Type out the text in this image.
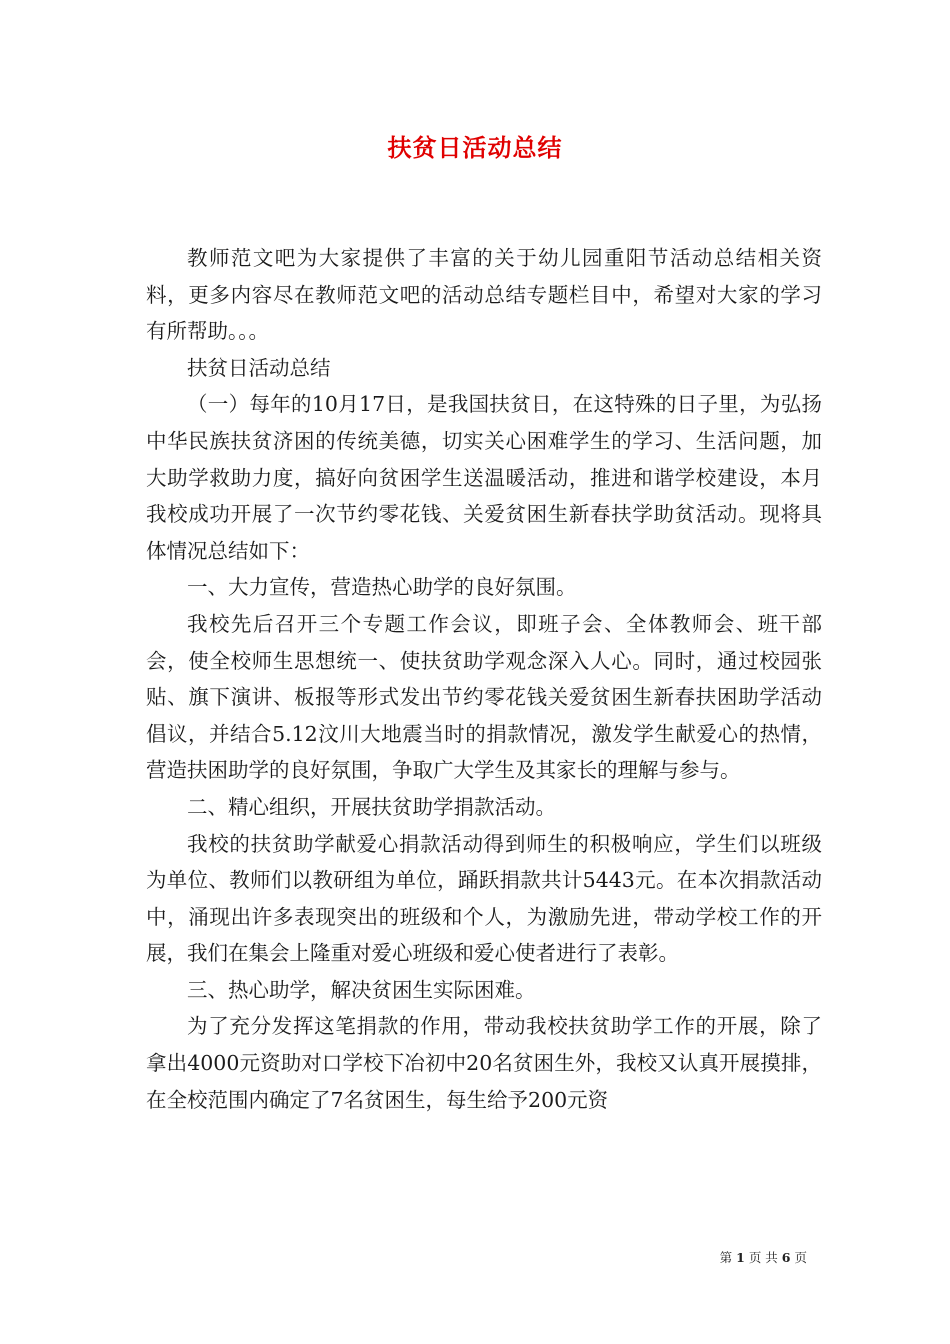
扶贫日活动总结

教师范文吧为大家提供了丰富的关于幼儿园重阳节活动总结相关资料，更多内容尽在教师范文吧的活动总结专题栏目中，希望对大家的学习有所帮助。。。

扶贫日活动总结

（一）每年的10月17日，是我国扶贫日，在这特殊的日子里，为弘扬中华民族扶贫济困的传统美德，切实关心困难学生的学习、生活问题，加大助学救助力度，搞好向贫困学生送温暖活动，推进和谐学校建设，本月我校成功开展了一次节约零花钱、关爱贫困生新春扶学助贫活动。现将具体情况总结如下：

一、大力宣传，营造热心助学的良好氛围。

我校先后召开三个专题工作会议，即班子会、全体教师会、班干部会，使全校师生思想统一、使扶贫助学观念深入人心。同时，通过校园张贴、旗下演讲、板报等形式发出节约零花钱关爱贫困生新春扶困助学活动倡议，并结合5.12汶川大地震当时的捐款情况，激发学生献爱心的热情，营造扶困助学的良好氛围，争取广大学生及其家长的理解与参与。

二、精心组织，开展扶贫助学捐款活动。

我校的扶贫助学献爱心捐款活动得到师生的积极响应，学生们以班级为单位、教师们以教研组为单位，踊跃捐款共计5443元。在本次捐款活动中，涌现出许多表现突出的班级和个人，为激励先进，带动学校工作的开展，我们在集会上隆重对爱心班级和爱心使者进行了表彰。

三、热心助学，解决贫困生实际困难。

为了充分发挥这笔捐款的作用，带动我校扶贫助学工作的开展，除了拿出4000元资助对口学校下冶初中20名贫困生外，我校又认真开展摸排，在全校范围内确定了7名贫困生，每生给予200元资

第 1 页 共 6 页
